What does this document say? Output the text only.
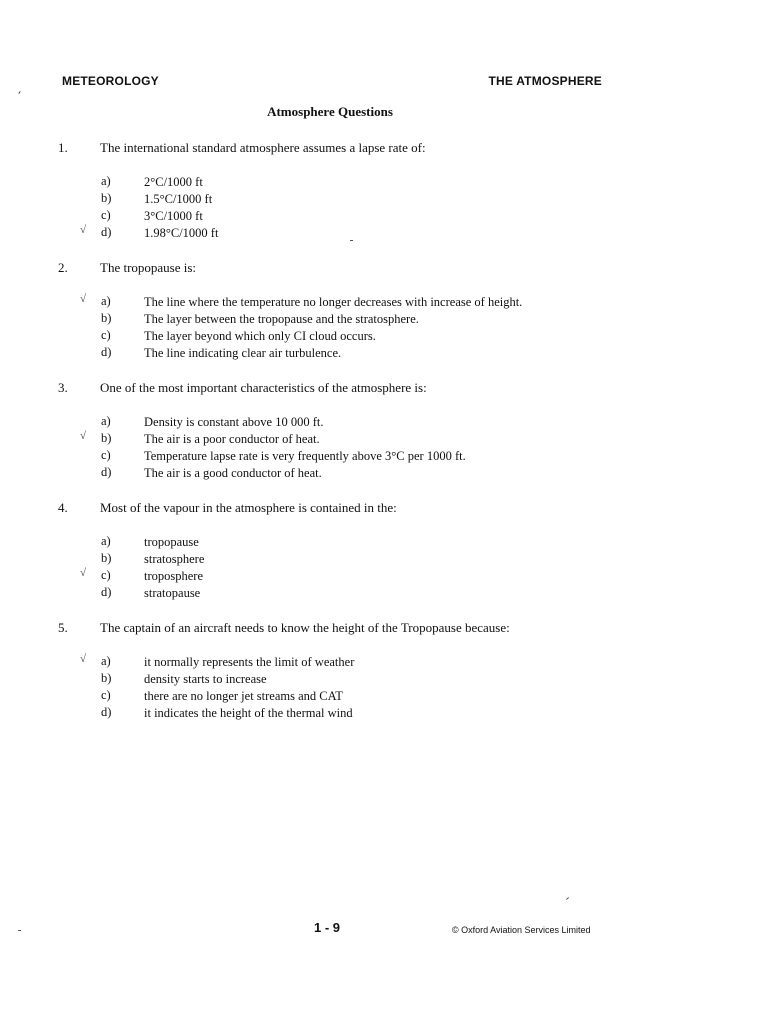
METEOROLOGY	THE ATMOSPHERE
Atmosphere Questions
1. The international standard atmosphere assumes a lapse rate of:
a)	2°C/1000 ft
b)	1.5°C/1000 ft
c)	3°C/1000 ft
√ d)	1.98°C/1000 ft
2. The tropopause is:
√ a)	The line where the temperature no longer decreases with increase of height.
b)	The layer between the tropopause and the stratosphere.
c)	The layer beyond which only CI cloud occurs.
d)	The line indicating clear air turbulence.
3. One of the most important characteristics of the atmosphere is:
a)	Density is constant above 10 000 ft.
√ b)	The air is a poor conductor of heat.
c)	Temperature lapse rate is very frequently above 3°C per 1000 ft.
d)	The air is a good conductor of heat.
4. Most of the vapour in the atmosphere is contained in the:
a)	tropopause
b)	stratosphere
√ c)	troposphere
d)	stratopause
5. The captain of an aircraft needs to know the height of the Tropopause because:
√ a)	it normally represents the limit of weather
b)	density starts to increase
c)	there are no longer jet streams and CAT
d)	it indicates the height of the thermal wind
1 - 9	© Oxford Aviation Services Limited
